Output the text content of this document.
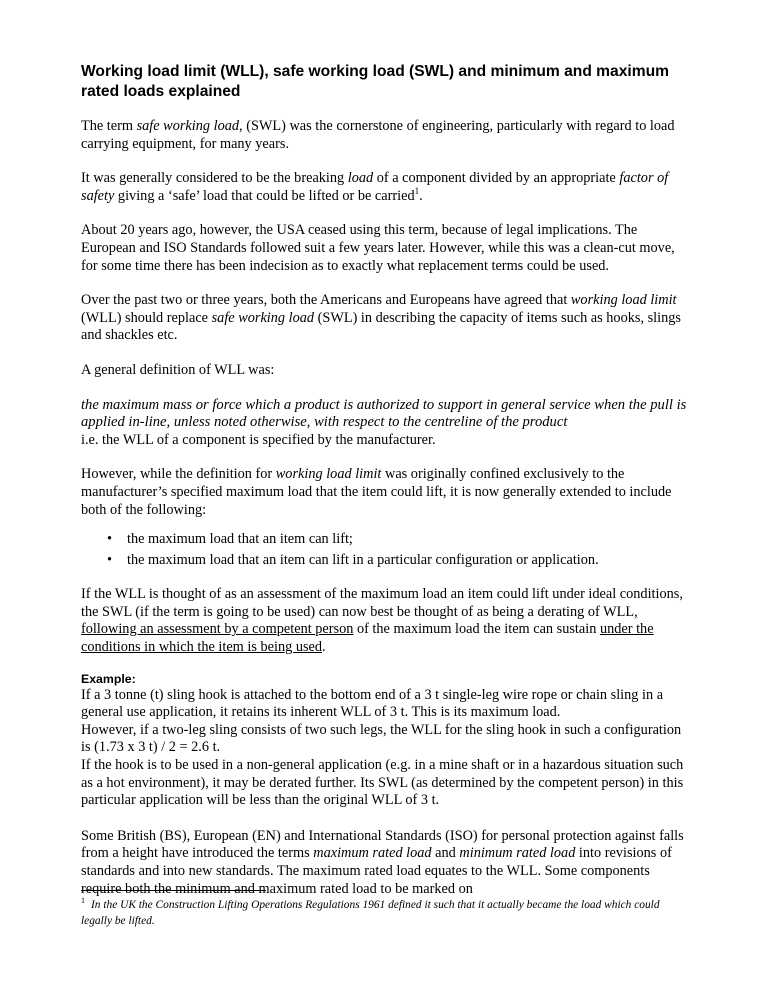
Working load limit (WLL), safe working load (SWL) and minimum and maximum rated loads explained

The term safe working load, (SWL) was the cornerstone of engineering, particularly with regard to load carrying equipment, for many years.

It was generally considered to be the breaking load of a component divided by an appropriate factor of safety giving a ‘safe’ load that could be lifted or be carried$^1$.

About 20 years ago, however, the USA ceased using this term, because of legal implications. The European and ISO Standards followed suit a few years later. However, while this was a clean-cut move, for some time there has been indecision as to exactly what replacement terms could be used.

Over the past two or three years, both the Americans and Europeans have agreed that working load limit (WLL) should replace safe working load (SWL) in describing the capacity of items such as hooks, slings and shackles etc.

A general definition of WLL was:

the maximum mass or force which a product is authorized to support in general service when the pull is applied in-line, unless noted otherwise, with respect to the centreline of the product

i.e. the WLL of a component is specified by the manufacturer.

However, while the definition for working load limit was originally confined exclusively to the manufacturer’s specified maximum load that the item could lift, it is now generally extended to include both of the following:

• the maximum load that an item can lift;
• the maximum load that an item can lift in a particular configuration or application.

If the WLL is thought of as an assessment of the maximum load an item could lift under ideal conditions, the SWL (if the term is going to be used) can now best be thought of as being a derating of WLL, following an assessment by a competent person of the maximum load the item can sustain under the conditions in which the item is being used.

Example:

If a 3 tonne (t) sling hook is attached to the bottom end of a 3 t single-leg wire rope or chain sling in a general use application, it retains its inherent WLL of 3 t. This is its maximum load.
However, if a two-leg sling consists of two such legs, the WLL for the sling hook in such a configuration is (1.73 x 3 t) / 2 = 2.6 t.
If the hook is to be used in a non-general application (e.g. in a mine shaft or in a hazardous situation such as a hot environment), it may be derated further. Its SWL (as determined by the competent person) in this particular application will be less than the original WLL of 3 t.

Some British (BS), European (EN) and International Standards (ISO) for personal protection against falls from a height have introduced the terms maximum rated load and minimum rated load into revisions of standards and into new standards. The maximum rated load equates to the WLL. Some components require both the minimum and maximum rated load to be marked on

$^1$ In the UK the Construction Lifting Operations Regulations 1961 defined it such that it actually became the load which could legally be lifted.
